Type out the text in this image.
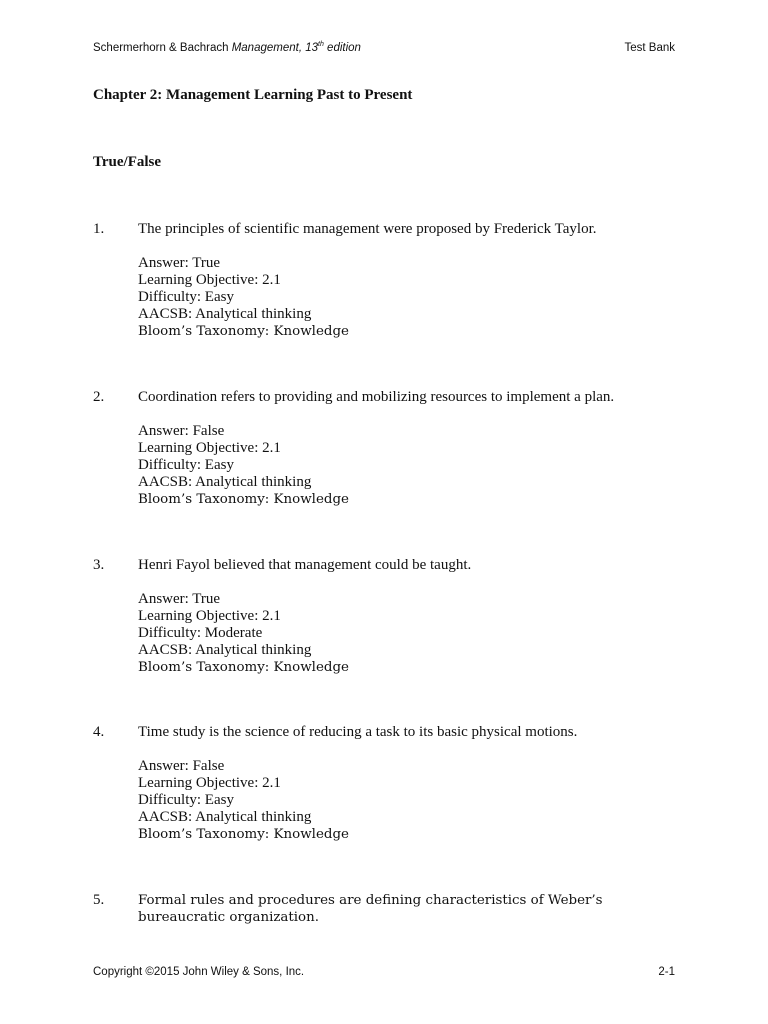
Schermerhorn & Bachrach Management, 13th edition	Test Bank
Chapter 2: Management Learning Past to Present
True/False
1.	The principles of scientific management were proposed by Frederick Taylor.
Answer: True
Learning Objective: 2.1
Difficulty: Easy
AACSB: Analytical thinking
Bloom’s Taxonomy: Knowledge
2.	Coordination refers to providing and mobilizing resources to implement a plan.
Answer: False
Learning Objective: 2.1
Difficulty: Easy
AACSB: Analytical thinking
Bloom’s Taxonomy: Knowledge
3.	Henri Fayol believed that management could be taught.
Answer: True
Learning Objective: 2.1
Difficulty: Moderate
AACSB: Analytical thinking
Bloom’s Taxonomy: Knowledge
4.	Time study is the science of reducing a task to its basic physical motions.
Answer: False
Learning Objective: 2.1
Difficulty: Easy
AACSB: Analytical thinking
Bloom’s Taxonomy: Knowledge
5.	Formal rules and procedures are defining characteristics of Weber’s bureaucratic organization.
Copyright ©2015 John Wiley & Sons, Inc.	2-1
